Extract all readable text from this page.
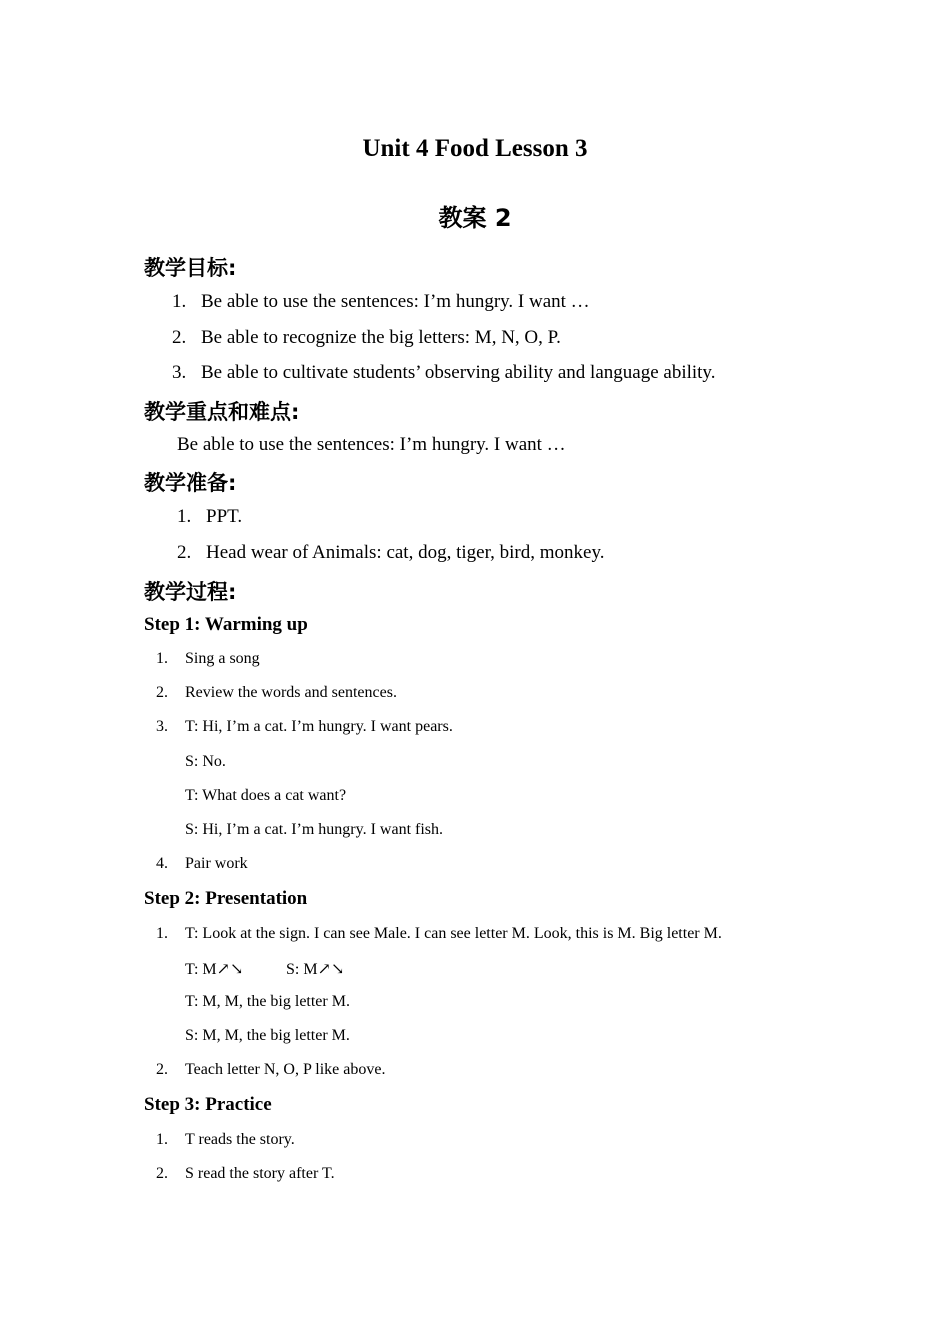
Unit 4 Food Lesson 3
教案 2
教学目标:
1. Be able to use the sentences: I’m hungry. I want …
2. Be able to recognize the big letters: M, N, O, P.
3. Be able to cultivate students’ observing ability and language ability.
教学重点和难点:
Be able to use the sentences: I’m hungry. I want …
教学准备:
1. PPT.
2. Head wear of Animals: cat, dog, tiger, bird, monkey.
教学过程:
Step 1: Warming up
1. Sing a song
2. Review the words and sentences.
3. T: Hi, I’m a cat. I’m hungry. I want pears.
S: No.
T: What does a cat want?
S: Hi, I’m a cat. I’m hungry. I want fish.
4. Pair work
Step 2: Presentation
1. T: Look at the sign. I can see Male. I can see letter M. Look, this is M. Big letter M.
T: M↗↘	S: M↗↘
T: M, M, the big letter M.
S: M, M, the big letter M.
2. Teach letter N, O, P like above.
Step 3: Practice
1. T reads the story.
2. S read the story after T.
